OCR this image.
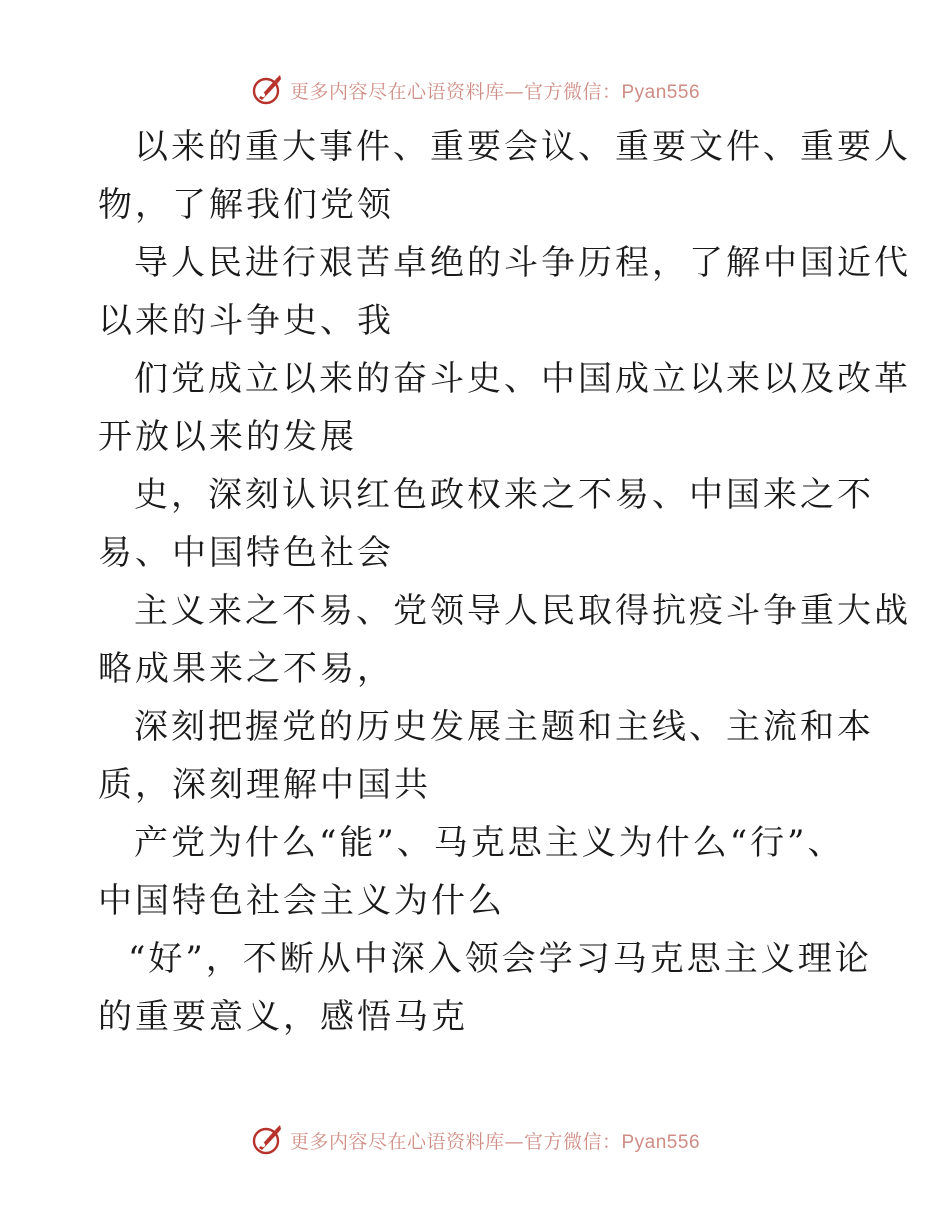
更多内容尽在心语资料库—官方微信：Pyan556

以来的重大事件、重要会议、重要文件、重要人
物，了解我们党领

导人民进行艰苦卓绝的斗争历程，了解中国近代
以来的斗争史、我

们党成立以来的奋斗史、中国成立以来以及改革
开放以来的发展

史，深刻认识红色政权来之不易、中国来之不
易、中国特色社会

主义来之不易、党领导人民取得抗疫斗争重大战
略成果来之不易，

深刻把握党的历史发展主题和主线、主流和本
质，深刻理解中国共

产党为什么“能”、马克思主义为什么“行”、
中国特色社会主义为什么

“好”，不断从中深入领会学习马克思主义理论
的重要意义，感悟马克

更多内容尽在心语资料库—官方微信：Pyan556
